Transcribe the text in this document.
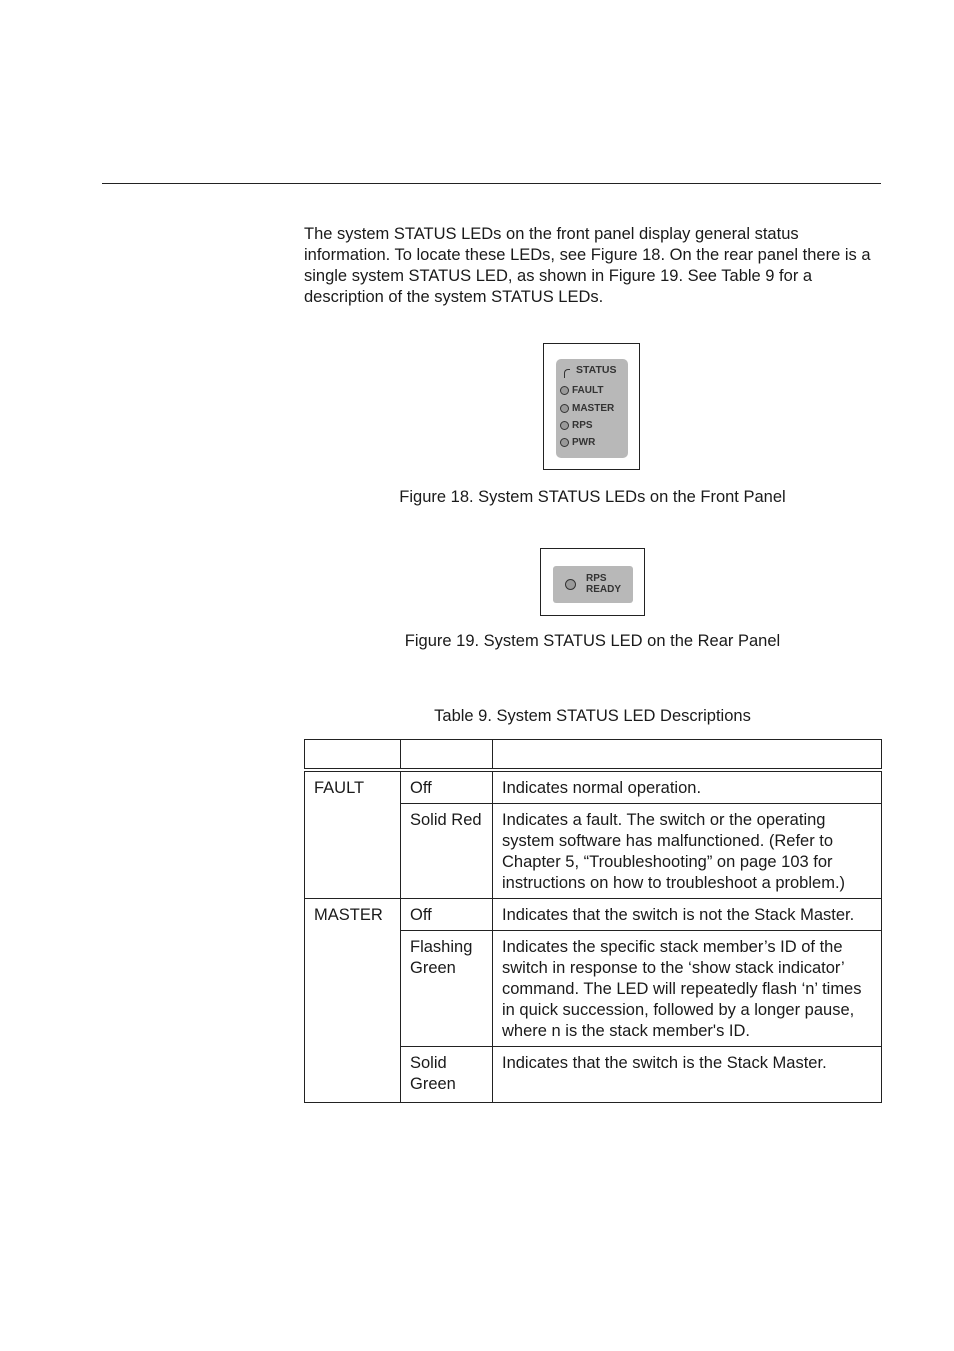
The system STATUS LEDs on the front panel display general status information. To locate these LEDs, see Figure 18. On the rear panel there is a single system STATUS LED, as shown in Figure 19. See Table 9 for a description of the system STATUS LEDs.

STATUS
FAULT
MASTER
RPS
PWR

Figure 18. System STATUS LEDs on the Front Panel

RPS
READY

Figure 19. System STATUS LED on the Rear Panel

Table 9. System STATUS LED Descriptions

FAULT	Off	Indicates normal operation.
	Solid Red	Indicates a fault. The switch or the operating system software has malfunctioned. (Refer to Chapter 5, “Troubleshooting” on page 103 for instructions on how to troubleshoot a problem.)
MASTER	Off	Indicates that the switch is not the Stack Master.
	Flashing Green	Indicates the specific stack member’s ID of the switch in response to the ‘show stack indicator’ command. The LED will repeatedly flash ‘n’ times in quick succession, followed by a longer pause, where n is the stack member's ID.
	Solid Green	Indicates that the switch is the Stack Master.
